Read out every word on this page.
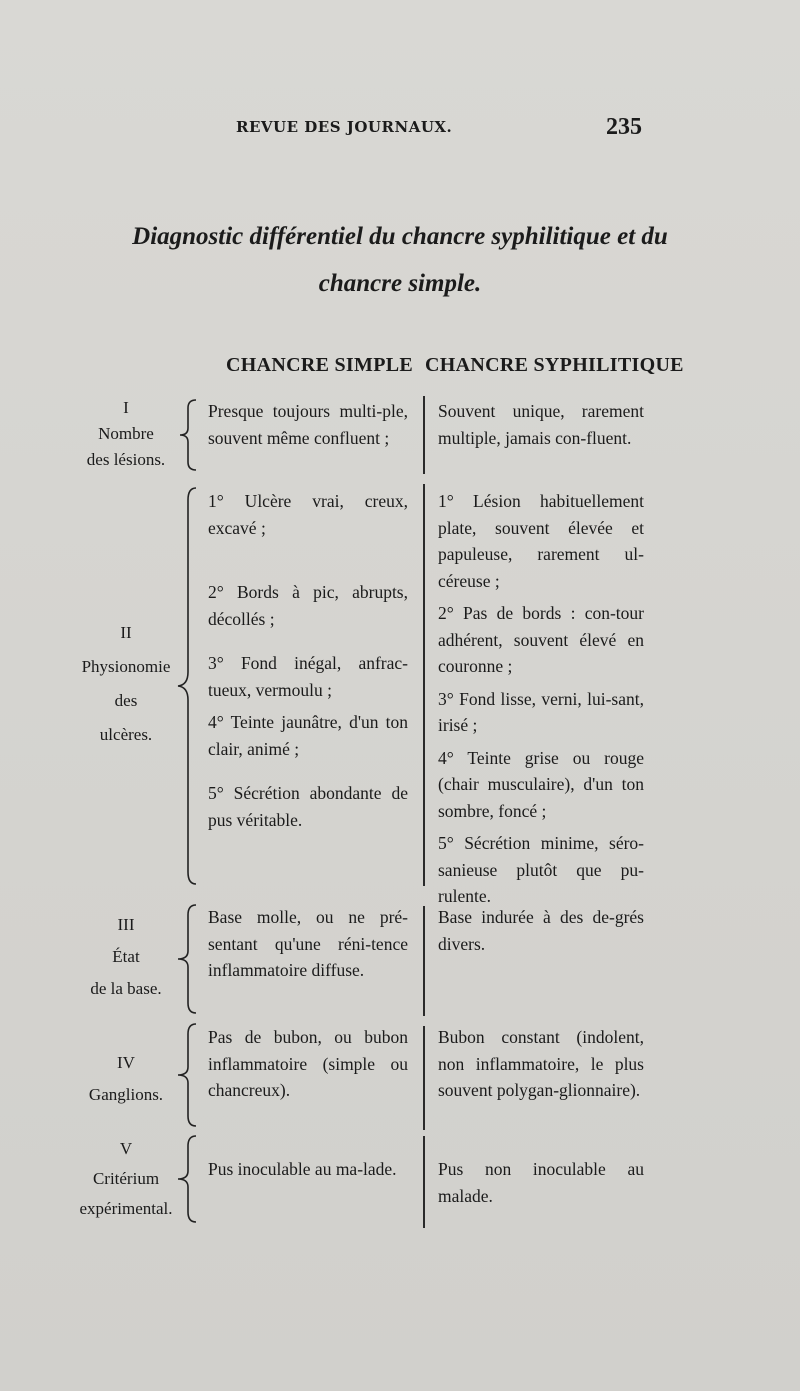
REVUE DES JOURNAUX.	235
Diagnostic différentiel du chancre syphilitique et du
chancre simple.
CHANCRE SIMPLE CHANCRE SYPHILITIQUE
I
Nombre
des lésions.

Presque toujours multi-ple, souvent même confluent ;

Souvent unique, rarement multiple, jamais con-fluent.

II
Physionomie
des
ulcères.

1° Ulcère vrai, creux, excavé ;

2° Bords à pic, abrupts, décollés ;

3° Fond inégal, anfrac-tueux, vermoulu ;

4° Teinte jaunâtre, d'un ton clair, animé ;

5° Sécrétion abondante de pus véritable.

1° Lésion habituellement plate, souvent élevée et papuleuse, rarement ul-céreuse ;

2° Pas de bords : con-tour adhérent, souvent élevé en couronne ;

3° Fond lisse, verni, lui-sant, irisé ;

4° Teinte grise ou rouge (chair musculaire), d'un ton sombre, foncé ;

5° Sécrétion minime, séro-sanieuse plutôt que pu-rulente.

III
État
de la base.

Base molle, ou ne pré-sentant qu'une réni-tence inflammatoire diffuse.

Base indurée à des de-grés divers.

IV
Ganglions.

Pas de bubon, ou bubon inflammatoire (simple ou chancreux).

Bubon constant (indolent, non inflammatoire, le plus souvent polygan-glionnaire).

V
Critérium
expérimental.

Pus inoculable au ma-lade.	Pus non inoculable au malade.
